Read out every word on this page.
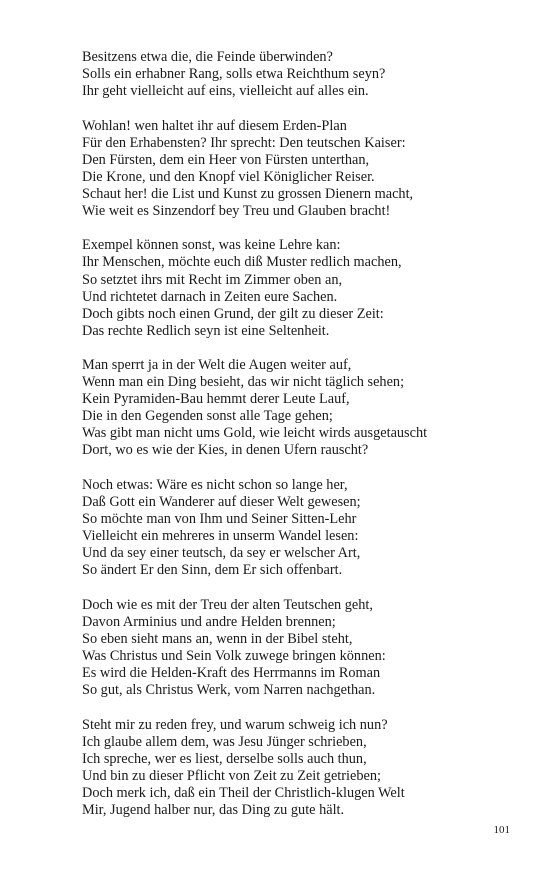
Besitzens etwa die, die Feinde überwinden?
Solls ein erhabner Rang, solls etwa Reichthum seyn?
Ihr geht vielleicht auf eins, vielleicht auf alles ein.
Wohlan! wen haltet ihr auf diesem Erden-Plan
Für den Erhabensten? Ihr sprecht: Den teutschen Kaiser:
Den Fürsten, dem ein Heer von Fürsten unterthan,
Die Krone, und den Knopf viel Königlicher Reiser.
Schaut her! die List und Kunst zu grossen Dienern macht,
Wie weit es Sinzendorf bey Treu und Glauben bracht!
Exempel können sonst, was keine Lehre kan:
Ihr Menschen, möchte euch diß Muster redlich machen,
So setztet ihrs mit Recht im Zimmer oben an,
Und richtetet darnach in Zeiten eure Sachen.
Doch gibts noch einen Grund, der gilt zu dieser Zeit:
Das rechte Redlich seyn ist eine Seltenheit.
Man sperrt ja in der Welt die Augen weiter auf,
Wenn man ein Ding besieht, das wir nicht täglich sehen;
Kein Pyramiden-Bau hemmt derer Leute Lauf,
Die in den Gegenden sonst alle Tage gehen;
Was gibt man nicht ums Gold, wie leicht wirds ausgetauscht
Dort, wo es wie der Kies, in denen Ufern rauscht?
Noch etwas: Wäre es nicht schon so lange her,
Daß Gott ein Wanderer auf dieser Welt gewesen;
So möchte man von Ihm und Seiner Sitten-Lehr
Vielleicht ein mehreres in unserm Wandel lesen:
Und da sey einer teutsch, da sey er welscher Art,
So ändert Er den Sinn, dem Er sich offenbart.
Doch wie es mit der Treu der alten Teutschen geht,
Davon Arminius und andre Helden brennen;
So eben sieht mans an, wenn in der Bibel steht,
Was Christus und Sein Volk zuwege bringen können:
Es wird die Helden-Kraft des Herrmanns im Roman
So gut, als Christus Werk, vom Narren nachgethan.
Steht mir zu reden frey, und warum schweig ich nun?
Ich glaube allem dem, was Jesu Jünger schrieben,
Ich spreche, wer es liest, derselbe solls auch thun,
Und bin zu dieser Pflicht von Zeit zu Zeit getrieben;
Doch merk ich, daß ein Theil der Christlich-klugen Welt
Mir, Jugend halber nur, das Ding zu gute hält.
101
